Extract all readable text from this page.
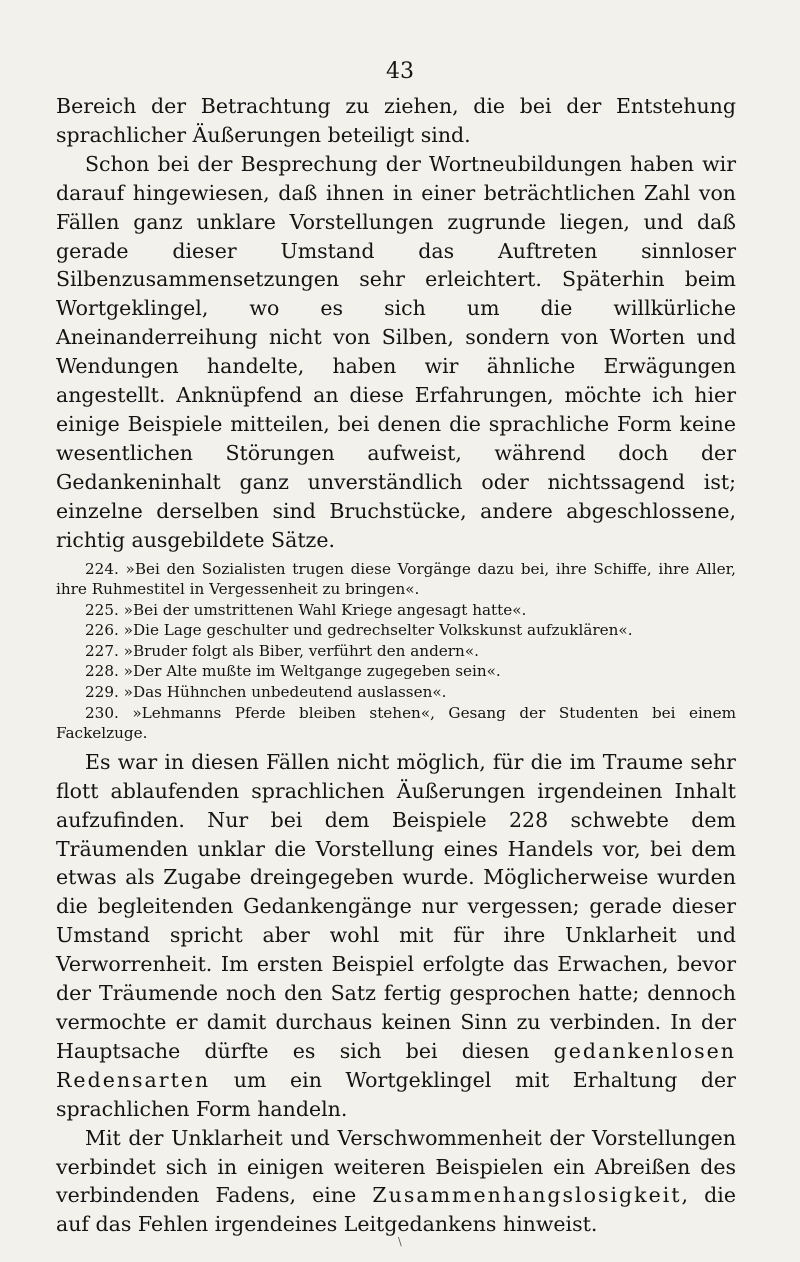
43

Bereich der Betrachtung zu ziehen, die bei der Entstehung sprachlicher Äußerungen beteiligt sind.

Schon bei der Besprechung der Wortneubildungen haben wir darauf hingewiesen, daß ihnen in einer beträchtlichen Zahl von Fällen ganz unklare Vorstellungen zugrunde liegen, und daß gerade dieser Umstand das Auftreten sinnloser Silbenzusammensetzungen sehr erleichtert. Späterhin beim Wortgeklingel, wo es sich um die willkürliche Aneinanderreihung nicht von Silben, sondern von Worten und Wendungen handelte, haben wir ähnliche Erwägungen angestellt. Anknüpfend an diese Erfahrungen, möchte ich hier einige Beispiele mitteilen, bei denen die sprachliche Form keine wesentlichen Störungen aufweist, während doch der Gedankeninhalt ganz unverständlich oder nichtssagend ist; einzelne derselben sind Bruchstücke, andere abgeschlossene, richtig ausgebildete Sätze.

224. »Bei den Sozialisten trugen diese Vorgänge dazu bei, ihre Schiffe, ihre Aller, ihre Ruhmestitel in Vergessenheit zu bringen«.

225. »Bei der umstrittenen Wahl Kriege angesagt hatte«.

226. »Die Lage geschulter und gedrechselter Volkskunst aufzuklären«.

227. »Bruder folgt als Biber, verführt den andern«.

228. »Der Alte mußte im Weltgange zugegeben sein«.

229. »Das Hühnchen unbedeutend auslassen«.

230. »Lehmanns Pferde bleiben stehen«, Gesang der Studenten bei einem Fackelzuge.

Es war in diesen Fällen nicht möglich, für die im Traume sehr flott ablaufenden sprachlichen Äußerungen irgendeinen Inhalt aufzufinden. Nur bei dem Beispiele 228 schwebte dem Träumenden unklar die Vorstellung eines Handels vor, bei dem etwas als Zugabe dreingegeben wurde. Möglicherweise wurden die begleitenden Gedankengänge nur vergessen; gerade dieser Umstand spricht aber wohl mit für ihre Unklarheit und Verworrenheit. Im ersten Beispiel erfolgte das Erwachen, bevor der Träumende noch den Satz fertig gesprochen hatte; dennoch vermochte er damit durchaus keinen Sinn zu verbinden. In der Hauptsache dürfte es sich bei diesen gedankenlosen Redensarten um ein Wortgeklingel mit Erhaltung der sprachlichen Form handeln.

Mit der Unklarheit und Verschwommenheit der Vorstellungen verbindet sich in einigen weiteren Beispielen ein Abreißen des verbindenden Fadens, eine Zusammenhangslosigkeit, die auf das Fehlen irgendeines Leitgedankens hinweist.

\
